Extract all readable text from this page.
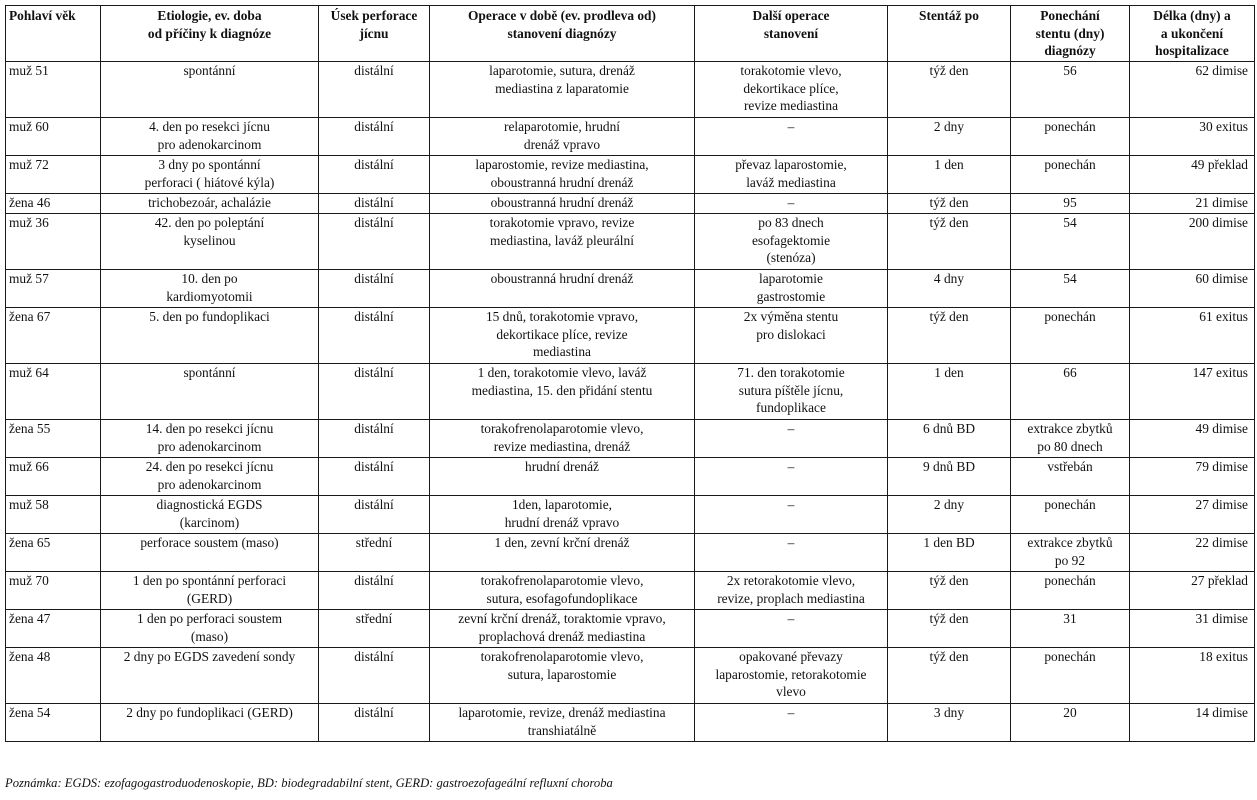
Pohlaví věk	Etiologie, ev. doba
od příčiny k diagnóze	Úsek perforace
jícnu	Operace v době (ev. prodleva od)
stanovení diagnózy	Další operace
stanovení	Stentáž po	Ponechání
stentu (dny)
diagnózy	Délka (dny) a
a ukončení
hospitalizace

muž 51	spontánní	distální	laparotomie, sutura, drenáž
mediastina z laparatomie	torakotomie vlevo,
dekortikace plíce,
revize mediastina	týž den	56	62 dimise

muž 60	4. den po resekci jícnu
pro adenokarcinom	distální	relaparotomie, hrudní
drenáž vpravo	–	2 dny	ponechán	30 exitus

muž 72	3 dny po spontánní
perforaci ( hiátové kýla)	distální	laparostomie, revize mediastina,
oboustranná hrudní drenáž	převaz laparostomie,
laváž mediastina	1 den	ponechán	49 překlad

žena 46	trichobezoár, achalázie	distální	oboustranná hrudní drenáž	–	týž den	95	21 dimise

muž 36	42. den po poleptání
kyselinou	distální	torakotomie vpravo, revize
mediastina, laváž pleurální	po 83 dnech
esofagektomie
(stenóza)	týž den	54	200 dimise

muž 57	10. den po
kardiomyotomii	distální	oboustranná hrudní drenáž	laparotomie
gastrostomie	4 dny	54	60 dimise

žena 67	5. den po fundoplikaci	distální	15 dnů, torakotomie vpravo,
dekortikace plíce, revize
mediastina	2x výměna stentu
pro dislokaci	týž den	ponechán	61 exitus

muž 64	spontánní	distální	1 den, torakotomie vlevo, laváž
mediastina, 15. den přidání stentu	71. den torakotomie
sutura píštěle jícnu,
fundoplikace	1 den	66	147 exitus

žena 55	14. den po resekci jícnu
pro adenokarcinom	distální	torakofrenolaparotomie vlevo,
revize mediastina, drenáž	–	6 dnů BD	extrakce zbytků
po 80 dnech	49 dimise

muž 66	24. den po resekci jícnu
pro adenokarcinom	distální	hrudní drenáž	–	9 dnů BD	vstřebán	79 dimise

muž 58	diagnostická EGDS
(karcinom)	distální	1den, laparotomie,
hrudní drenáž vpravo	–	2 dny	ponechán	27 dimise

žena 65	perforace soustem (maso)	střední	1 den, zevní krční drenáž	–	1 den BD	extrakce zbytků
po 92	22 dimise

muž 70	1 den po spontánní perforaci
(GERD)	distální	torakofrenolaparotomie vlevo,
sutura, esofagofundoplikace	2x retorakotomie vlevo,
revize, proplach mediastina	týž den	ponechán	27 překlad

žena 47	1 den po perforaci soustem
(maso)	střední	zevní krční drenáž, toraktomie vpravo,
proplachová drenáž mediastina	–	týž den	31	31 dimise

žena 48	2 dny po EGDS zavedení sondy	distální	torakofrenolaparotomie vlevo,
sutura, laparostomie	opakované převazy
laparostomie, retorakotomie
vlevo	týž den	ponechán	18 exitus

žena 54	2 dny po fundoplikaci (GERD)	distální	laparotomie, revize, drenáž mediastina
transhiatálně	–	3 dny	20	14 dimise
Poznámka: EGDS: ezofagogastroduodenoskopie, BD: biodegradabilní stent, GERD: gastroezofageální refluxní choroba
